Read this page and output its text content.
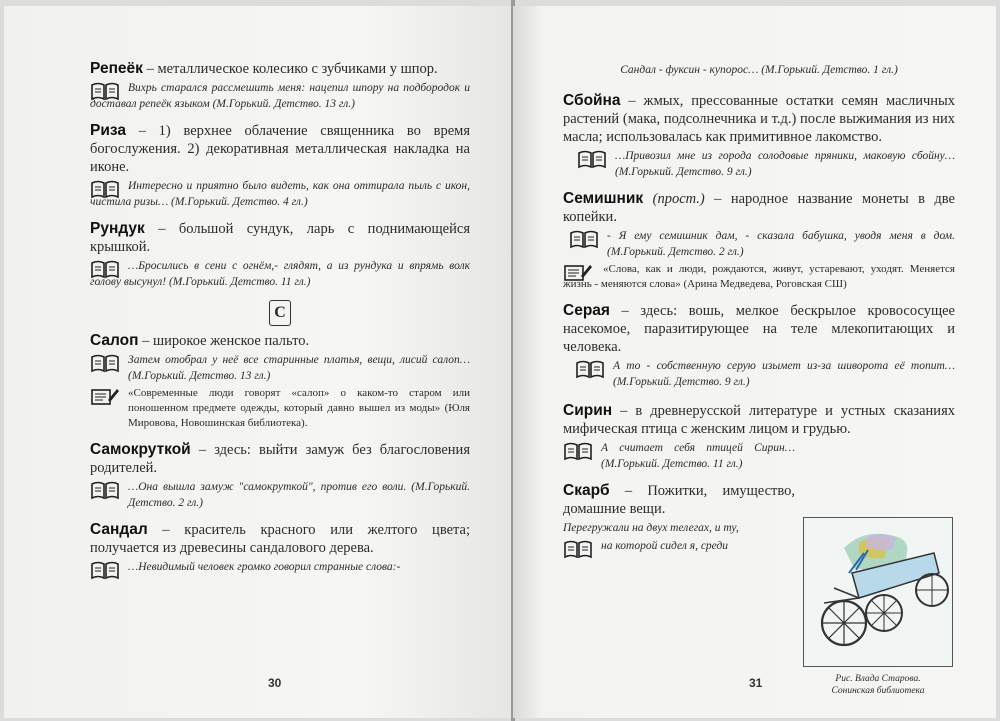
Репеёк – металлическое колесико с зубчиками у шпор.

Вихрь старался рассмешить меня: нацепил шпору на подбородок и доставал репеёк языком (М.Горький. Детство. 13 гл.)

Риза – 1) верхнее облачение священника во время богослужения. 2) декоративная металлическая накладка на иконе.

Интересно и приятно было видеть, как она оттирала пыль с икон, чистила ризы… (М.Горький. Детство. 4 гл.)

Рундук – большой сундук, ларь с поднимающейся крышкой.

…Бросились в сени с огнём,- глядят, а из рундука и впрямь волк голову высунул! (М.Горький. Детство. 11 гл.)

С

Салоп – широкое женское пальто.

Затем отобрал у неё все старинные платья, вещи, лисий салоп… (М.Горький. Детство. 13 гл.)

«Современные люди говорят «салоп» о каком-то старом или поношенном предмете одежды, который давно вышел из моды» (Юля Мировова, Новошинская библиотека).

Самокруткой – здесь: выйти замуж без благословения родителей.

…Она вышла замуж "самокруткой", против его воли. (М.Горький. Детство. 2 гл.)

Сандал – краситель красного или желтого цвета; получается из древесины сандалового дерева.

…Невидимый человек громко говорил странные слова:-

30

Сандал - фуксин - купорос… (М.Горький. Детство. 1 гл.)

Сбойна – жмых, прессованные остатки семян масличных растений (мака, подсолнечника и т.д.) после выжимания из них масла; использовалась как примитивное лакомство.

…Привозил мне из города солодовые пряники, маковую сбойну… (М.Горький. Детство. 9 гл.)

Семишник (прост.) – народное название монеты в две копейки.

- Я ему семишник дам, - сказала бабушка, уводя меня в дом. (М.Горький. Детство. 2 гл.)

«Слова, как и люди, рождаются, живут, устаревают, уходят. Меняется жизнь - меняются слова» (Арина Медведева, Роговская СШ)

Серая – здесь: вошь, мелкое бескрылое кровососущее насекомое, паразитирующее на теле млекопитающих и человека.

А то - собственную серую изымет из-за шиворота её топит… (М.Горький. Детство. 9 гл.)

Сирин – в древнерусской литературе и устных сказаниях мифическая птица с женским лицом и грудью.

А считает себя птицей Сирин… (М.Горький. Детство. 11 гл.)

Скарб – Пожитки, имущество, домашние вещи.

Перегружали на двух телегах, и ту,

на которой сидел я, среди

Рис. Влада Старова.
Сонинская библиотека
31
